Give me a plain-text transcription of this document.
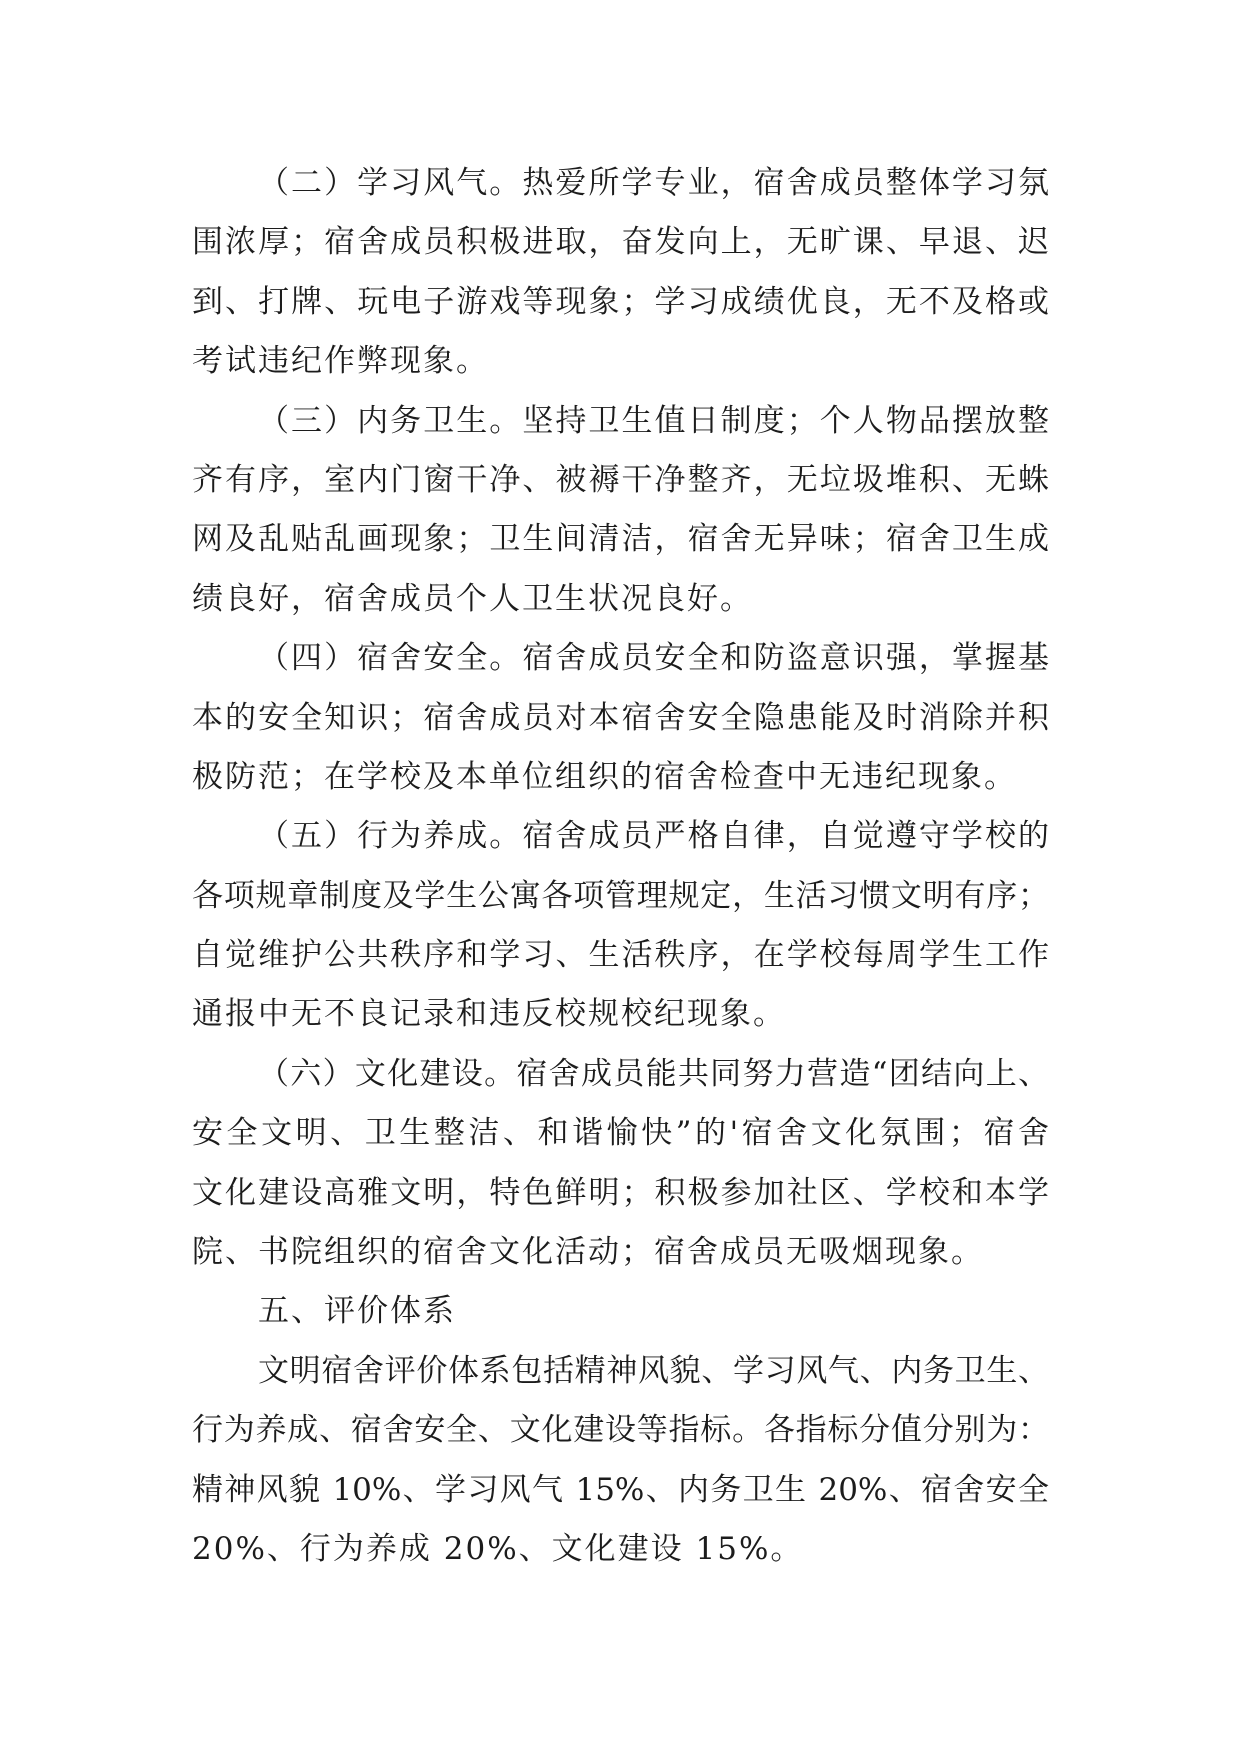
（二）学习风气。热爱所学专业，宿舍成员整体学习氛
围浓厚；宿舍成员积极进取，奋发向上，无旷课、早退、迟
到、打牌、玩电子游戏等现象；学习成绩优良，无不及格或
考试违纪作弊现象。
（三）内务卫生。坚持卫生值日制度；个人物品摆放整
齐有序，室内门窗干净、被褥干净整齐，无垃圾堆积、无蛛
网及乱贴乱画现象；卫生间清洁，宿舍无异味；宿舍卫生成
绩良好，宿舍成员个人卫生状况良好。
（四）宿舍安全。宿舍成员安全和防盗意识强，掌握基
本的安全知识；宿舍成员对本宿舍安全隐患能及时消除并积
极防范；在学校及本单位组织的宿舍检查中无违纪现象。
（五）行为养成。宿舍成员严格自律，自觉遵守学校的
各项规章制度及学生公寓各项管理规定，生活习惯文明有序；
自觉维护公共秩序和学习、生活秩序，在学校每周学生工作
通报中无不良记录和违反校规校纪现象。
（六）文化建设。宿舍成员能共同努力营造“团结向上、
安全文明、卫生整洁、和谐愉快”的'宿舍文化氛围；宿舍
文化建设高雅文明，特色鲜明；积极参加社区、学校和本学
院、书院组织的宿舍文化活动；宿舍成员无吸烟现象。
五、评价体系
文明宿舍评价体系包括精神风貌、学习风气、内务卫生、
行为养成、宿舍安全、文化建设等指标。各指标分值分别为：
精神风貌 10%、学习风气 15%、内务卫生 20%、宿舍安全
20%、行为养成 20%、文化建设 15%。
